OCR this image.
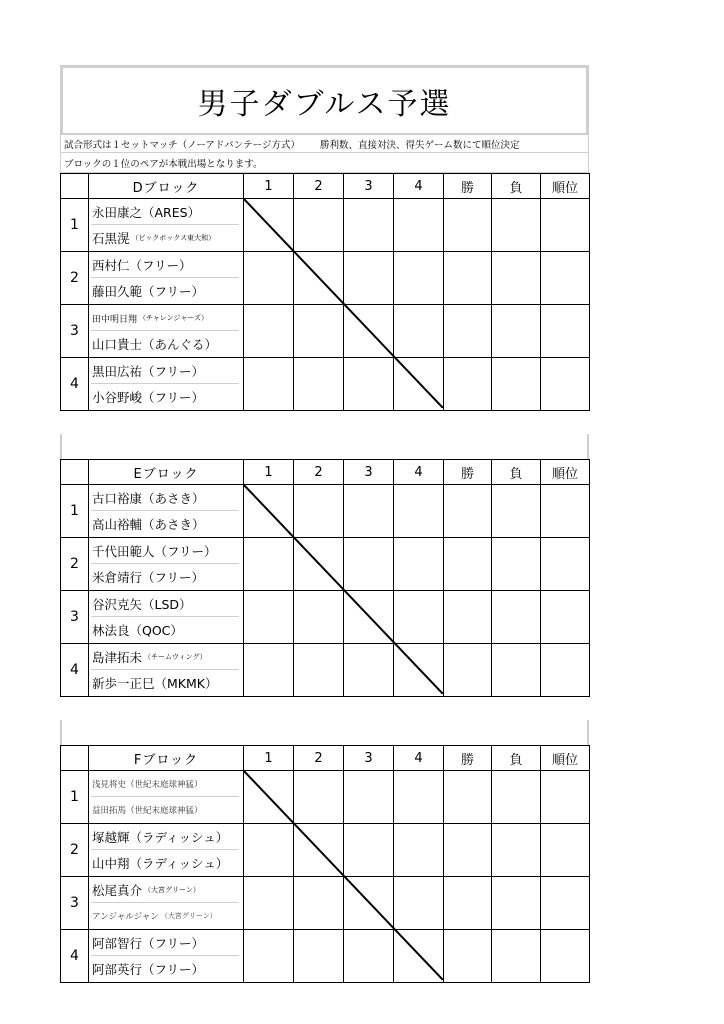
男子ダブルス予選
試合形式は１セットマッチ（ノーアドバンテージ方式） 勝利数、直接対決、得失ゲーム数にて順位決定
ブロックの１位のペアが本戦出場となります。
	Dブロック	1	2	3	4	勝	負	順位
1	永田康之（ARES）
石黒滉 （ビックボックス東大和）							

2	西村仁（フリー）
藤田久範（フリー）							

3	田中明日翔 （チャレンジャーズ）
山口貴士（あんぐる）							

4	黒田広祐（フリー）
小谷野峻（フリー）							

	Eブロック	1	2	3	4	勝	負	順位
1	古口裕康（あさき）
高山裕輔（あさき）							

2	千代田範人（フリー）
米倉靖行（フリー）							

3	谷沢克矢（LSD）
林法良（QOC）							

4	島津拓未 （チームウィング）
新歩一正巳（MKMK）							

	Fブロック	1	2	3	4	勝	負	順位
1	浅見将史（世紀末庭球神猛）
益田拓馬（世紀末庭球神猛）							

2	塚越輝（ラディッシュ）
山中翔（ラディッシュ）							

3	松尾真介 （大宮グリーン）
アンジャルジャン （大宮グリーン）							

4	阿部智行（フリー）
阿部英行（フリー）							
